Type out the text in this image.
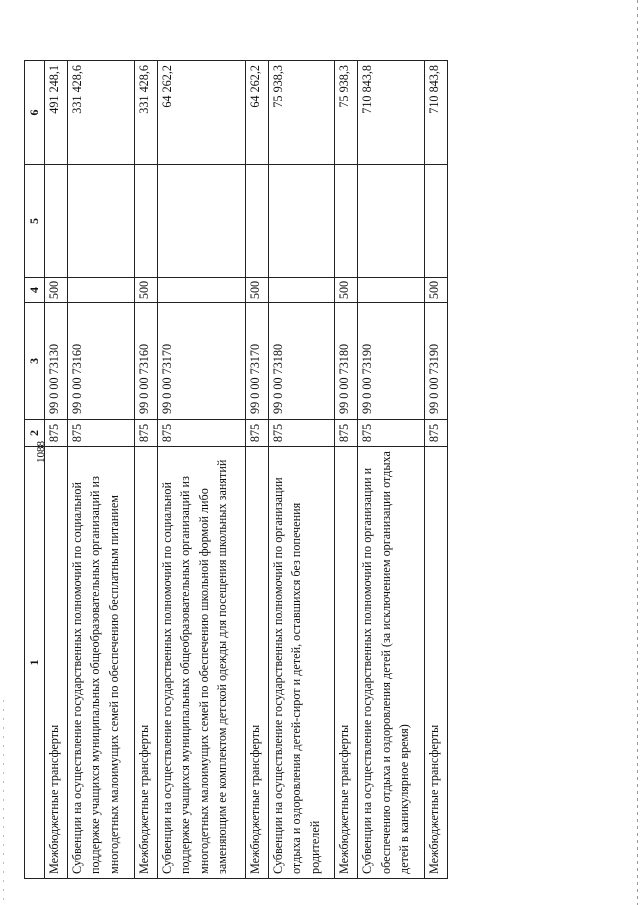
1088
1	2	3	4	5	6
Межбюджетные трансферты	875	99 0 00 73130	500		491 248,1
Субвенции на осуществление государственных полномочий по социальной поддержке учащихся муниципальных общеобразовательных организаций из многодетных малоимущих семей по обеспечению бесплатным питанием	875	99 0 00 73160			331 428,6
Межбюджетные трансферты	875	99 0 00 73160	500		331 428,6
Субвенции на осуществление государственных полномочий по социальной поддержке учащихся муниципальных общеобразовательных организаций из многодетных малоимущих семей по обеспечению школьной формой либо заменяющим ее комплектом детской одежды для посещения школьных занятий	875	99 0 00 73170			64 262,2
Межбюджетные трансферты	875	99 0 00 73170	500		64 262,2
Субвенции на осуществление государственных полномочий по организации отдыха и оздоровления детей-сирот и детей, оставшихся без попечения родителей	875	99 0 00 73180			75 938,3
Межбюджетные трансферты	875	99 0 00 73180	500		75 938,3
Субвенции на осуществление государственных полномочий по организации и обеспечению отдыха и оздоровления детей (за исключением организации отдыха детей в каникулярное время)	875	99 0 00 73190			710 843,8
Межбюджетные трансферты	875	99 0 00 73190	500		710 843,8
